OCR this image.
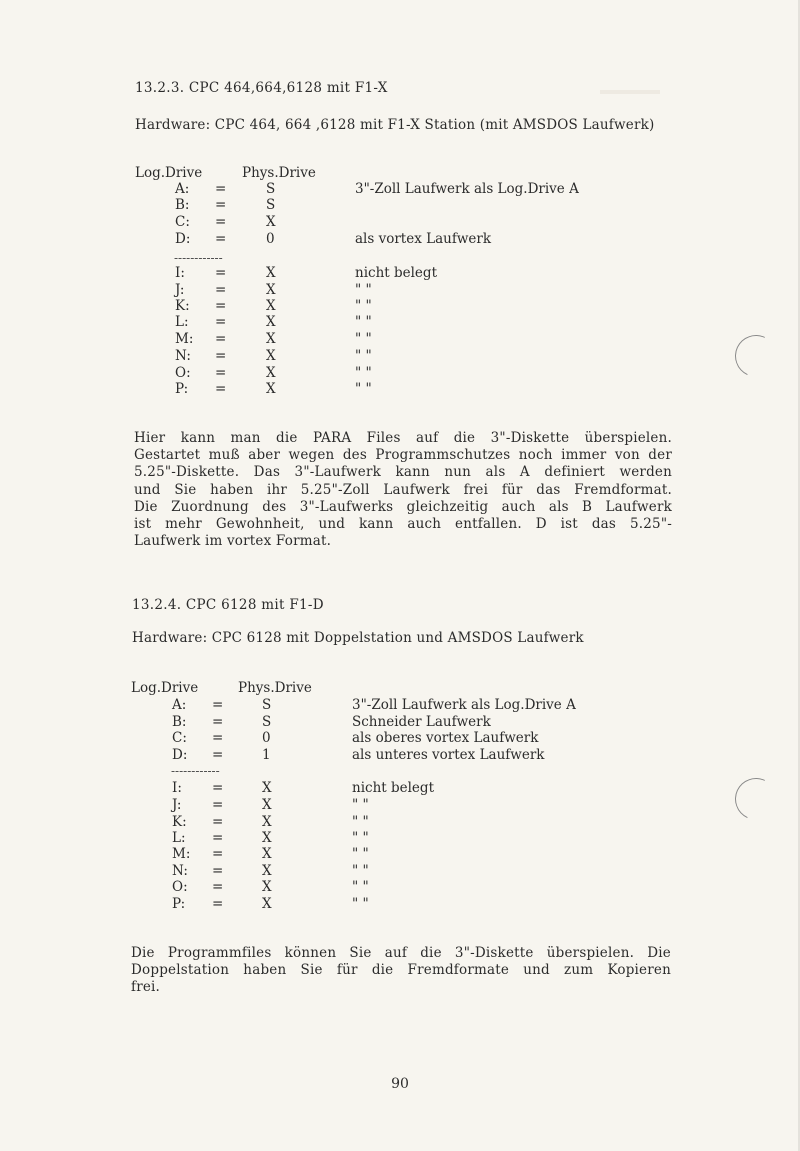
13.2.3. CPC 464,664,6128 mit F1-X
Hardware: CPC 464, 664 ,6128 mit F1-X Station (mit AMSDOS Laufwerk)
Log.Drive	Phys.Drive
A: =	S	3"-Zoll Laufwerk als Log.Drive A
B: =	S
C: =	X
D: =	0	als vortex Laufwerk
I: =	X	nicht belegt
J: =	X	" "
K: =	X	" "
L: =	X	" "
M: =	X	" "
N: =	X	" "
O: =	X	" "
P: =	X	" "
------------
Hier kann man die PARA Files auf die 3"-Diskette überspielen.
Gestartet muß aber wegen des Programmschutzes noch immer von der
5.25"-Diskette. Das 3"-Laufwerk kann nun als A definiert werden
und Sie haben ihr 5.25"-Zoll Laufwerk frei für das Fremdformat.
Die Zuordnung des 3"-Laufwerks gleichzeitig auch als B Laufwerk
ist mehr Gewohnheit, und kann auch entfallen. D ist das 5.25"-
Laufwerk im vortex Format.
13.2.4. CPC 6128 mit F1-D
Hardware: CPC 6128 mit Doppelstation und AMSDOS Laufwerk
Log.Drive	Phys.Drive
A: =	S	3"-Zoll Laufwerk als Log.Drive A
B: =	S	Schneider Laufwerk
C: =	0	als oberes vortex Laufwerk
D: =	1	als unteres vortex Laufwerk
I: =	X	nicht belegt
J: =	X	" "
K: =	X	" "
L: =	X	" "
M: =	X	" "
N: =	X	" "
O: =	X	" "
P: =	X	" "
------------
Die Programmfiles können Sie auf die 3"-Diskette überspielen. Die
Doppelstation haben Sie für die Fremdformate und zum Kopieren
frei.
90
